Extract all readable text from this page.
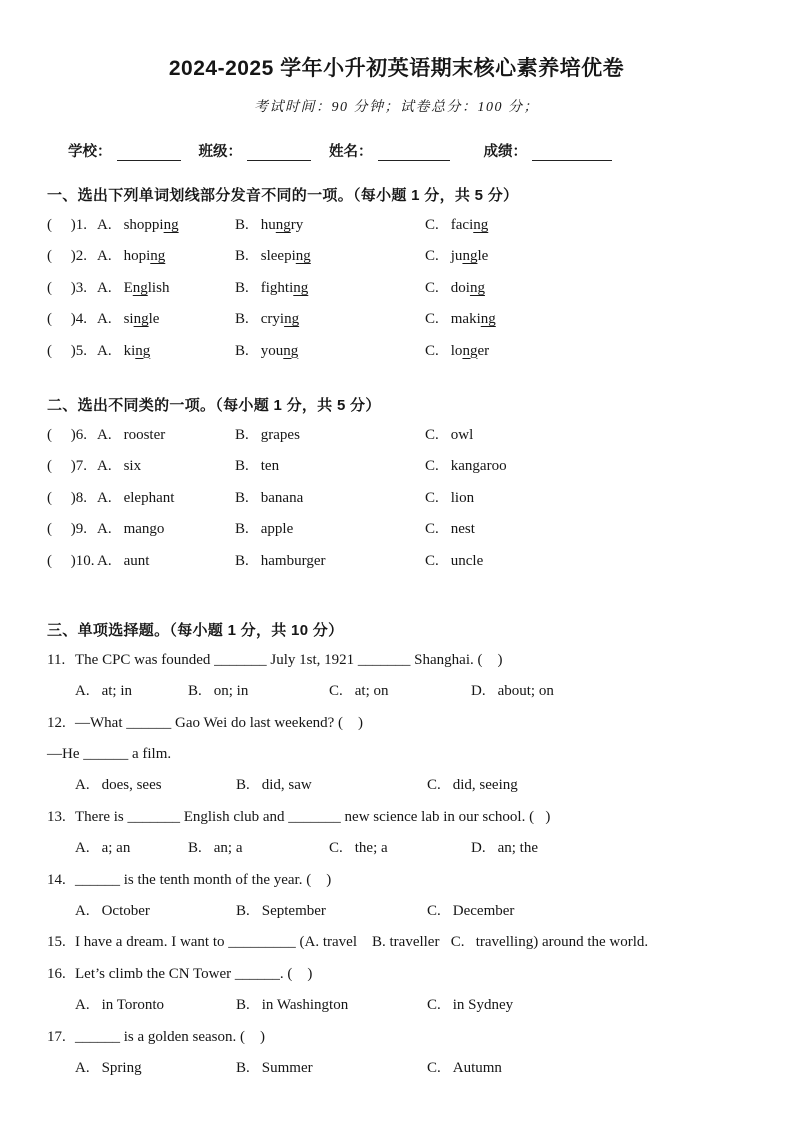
2024-2025 学年小升初英语期末核心素养培优卷
考试时间：90 分钟；试卷总分：100 分；
学校：	班级：	姓名：	成绩：
一、选出下列单词划线部分发音不同的一项。（每小题 1 分，共 5 分）
(     )1. A. shopping	B. hungry	C. facing
(     )2. A. hoping	B. sleeping	C. jungle
(     )3. A. English	B. fighting	C. doing
(     )4. A. single	B. crying	C. making
(     )5. A. king	B. young	C. longer
二、选出不同类的一项。（每小题 1 分，共 5 分）
(     )6. A. rooster	B. grapes	C. owl
(     )7. A. six	B. ten	C. kangaroo
(     )8. A. elephant	B. banana	C. lion
(     )9. A. mango	B. apple	C. nest
(     )10. A. aunt	B. hamburger	C. uncle
三、单项选择题。（每小题 1 分，共 10 分）
11. The CPC was founded _______ July 1st, 1921 _______ Shanghai. (    )
A. at; in	B. on; in	C. at; on	D. about; on
12. —What ______ Gao Wei do last weekend? (    )
—He ______ a film.
A. does, sees	B. did, saw	C. did, seeing
13. There is _______ English club and _______ new science lab in our school. (   )
A. a; an	B. an; a	C. the; a	D. an; the
14. ______ is the tenth month of the year. (    )
A. October	B. September	C. December
15. I have a dream. I want to _________ (A. travel    B. traveller   C.   travelling) around the world.
16. Let’s climb the CN Tower ______. (    )
A. in Toronto	B. in Washington	C. in Sydney
17. ______ is a golden season. (    )
A. Spring	B. Summer	C. Autumn
